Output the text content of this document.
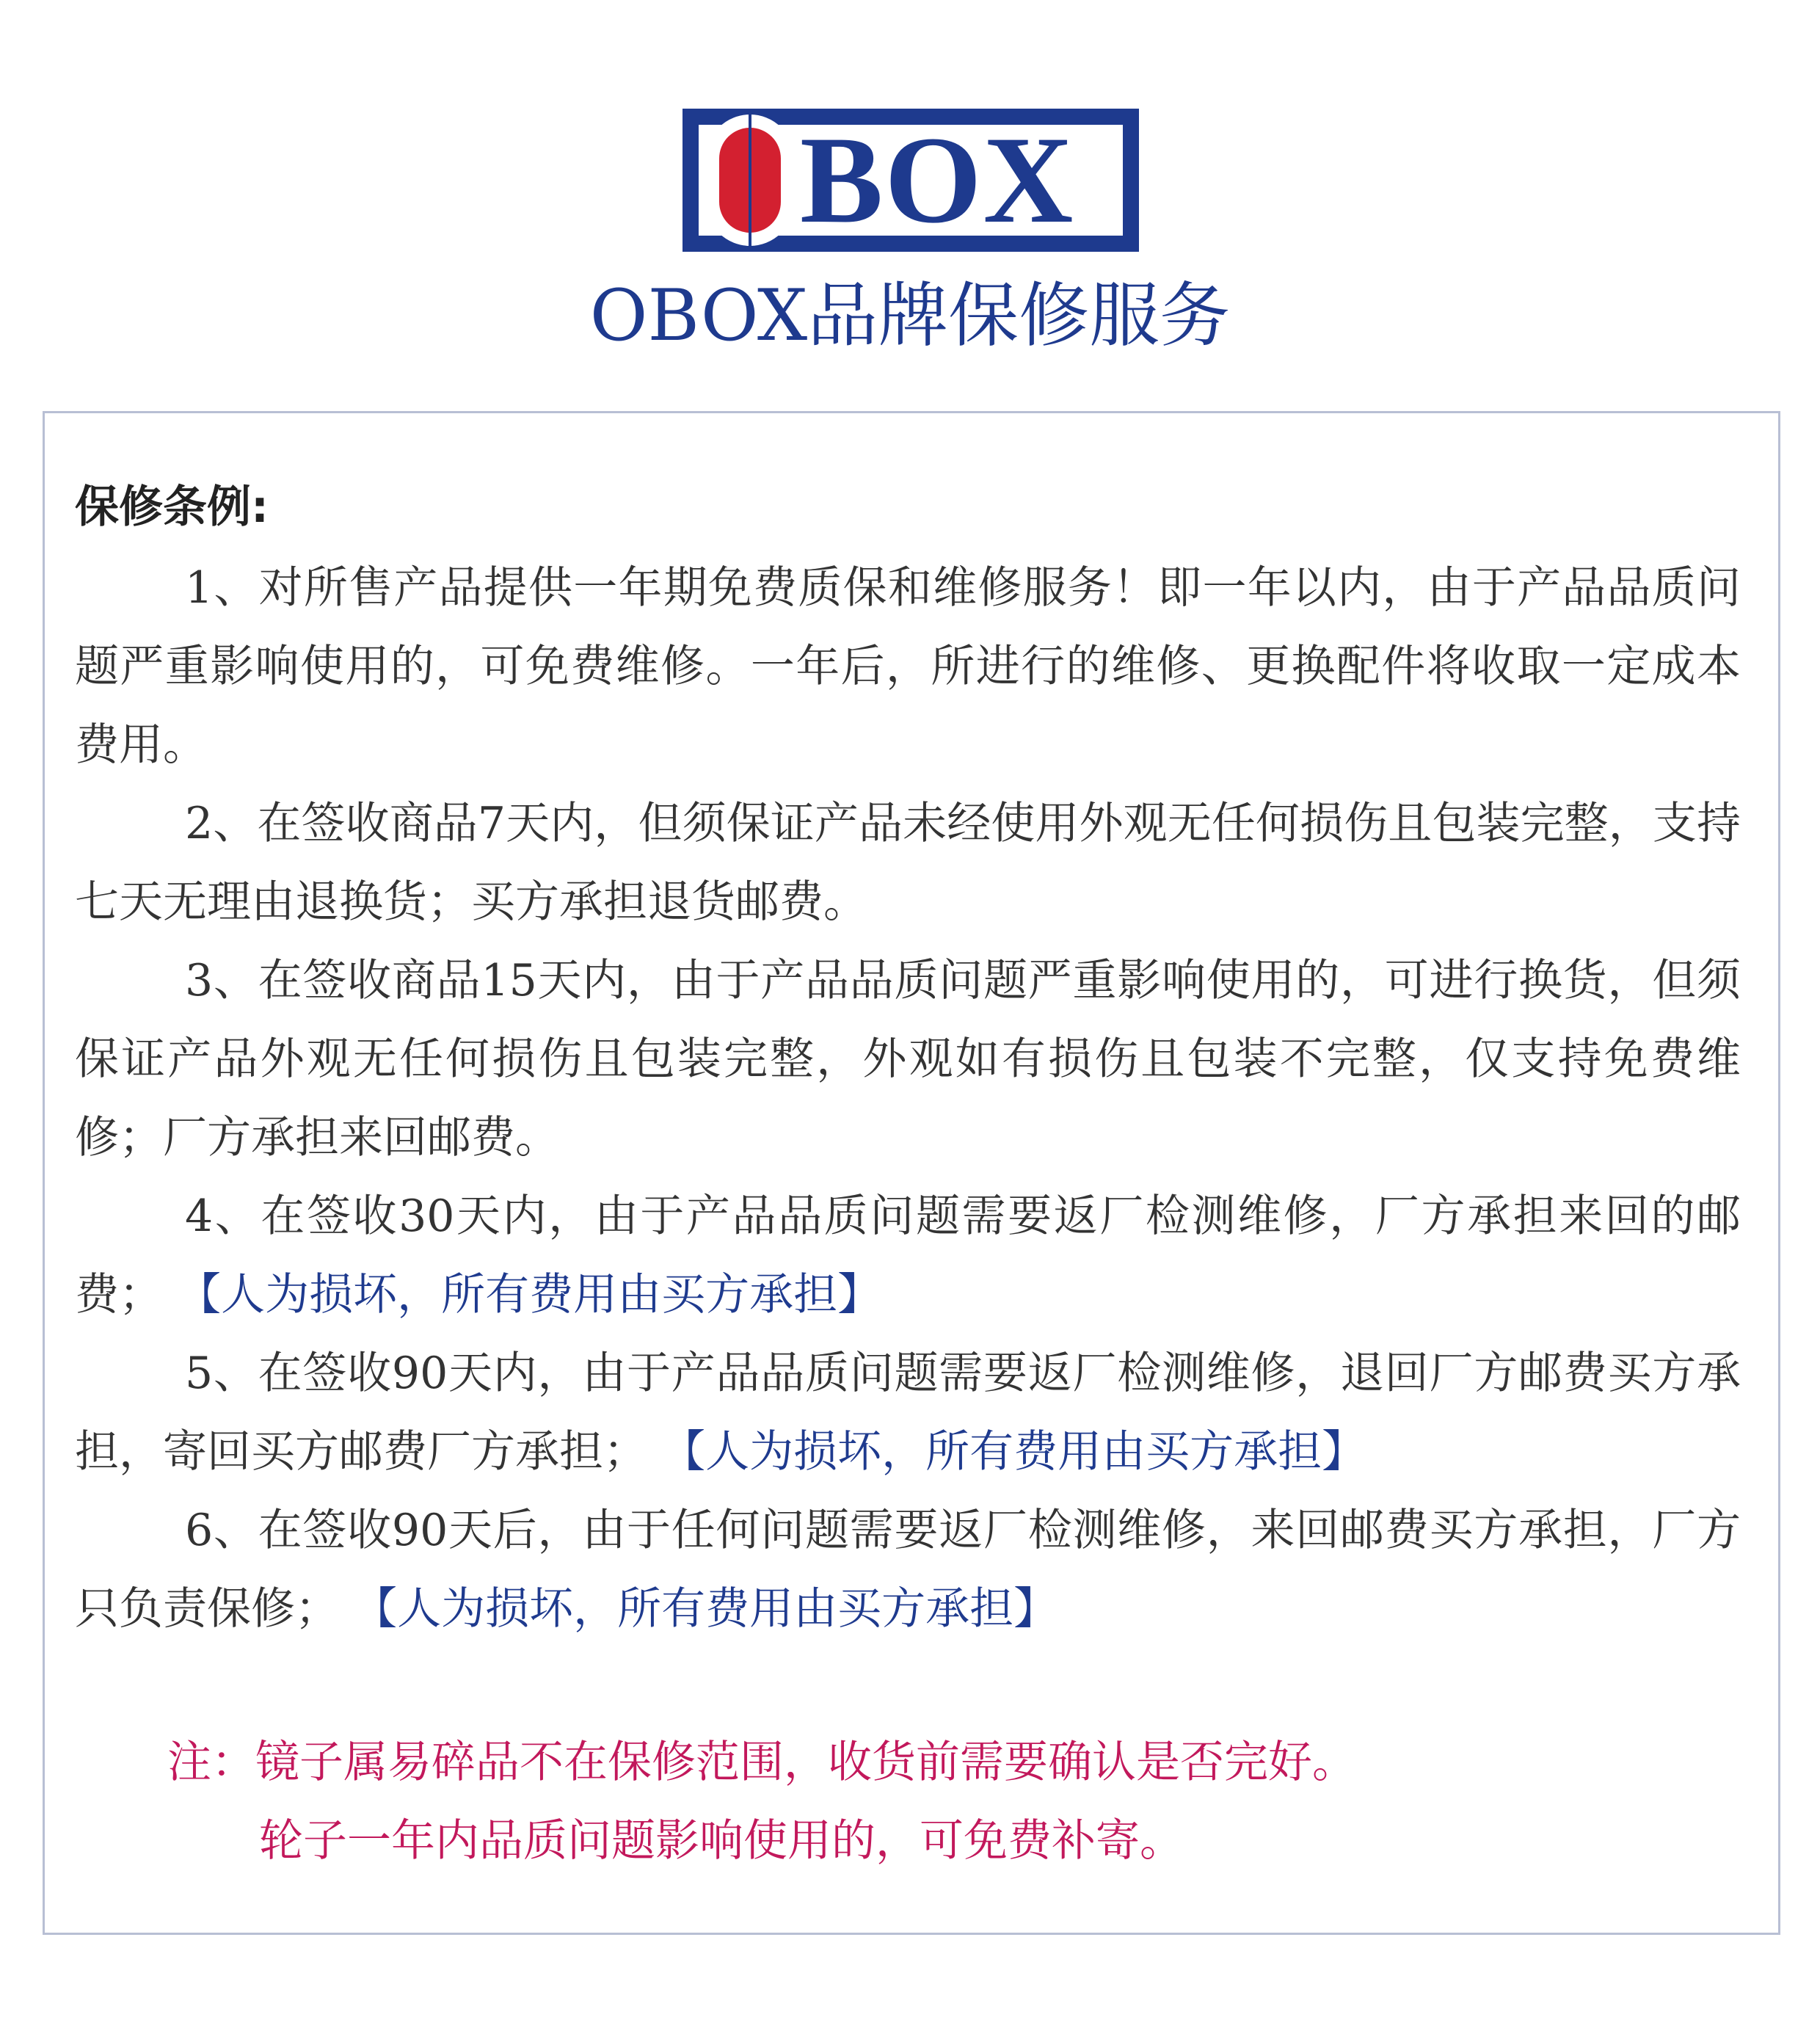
BOX
OBOX品牌保修服务
保修条例:

1、对所售产品提供一年期免费质保和维修服务！即一年以内，由于产品品质问题严重影响使用的，可免费维修。一年后，所进行的维修、更换配件将收取一定成本费用。

2、在签收商品7天内，但须保证产品未经使用外观无任何损伤且包装完整，支持七天无理由退换货；买方承担退货邮费。

3、在签收商品15天内，由于产品品质问题严重影响使用的，可进行换货，但须保证产品外观无任何损伤且包装完整，外观如有损伤且包装不完整，仅支持免费维修；厂方承担来回邮费。

4、在签收30天内，由于产品品质问题需要返厂检测维修，厂方承担来回的邮费； 【人为损坏，所有费用由买方承担】

5、在签收90天内，由于产品品质问题需要返厂检测维修，退回厂方邮费买方承担，寄回买方邮费厂方承担； 【人为损坏，所有费用由买方承担】

6、在签收90天后，由于任何问题需要返厂检测维修，来回邮费买方承担，厂方只负责保修； 【人为损坏，所有费用由买方承担】

注：镜子属易碎品不在保修范围，收货前需要确认是否完好。
轮子一年内品质问题影响使用的，可免费补寄。
